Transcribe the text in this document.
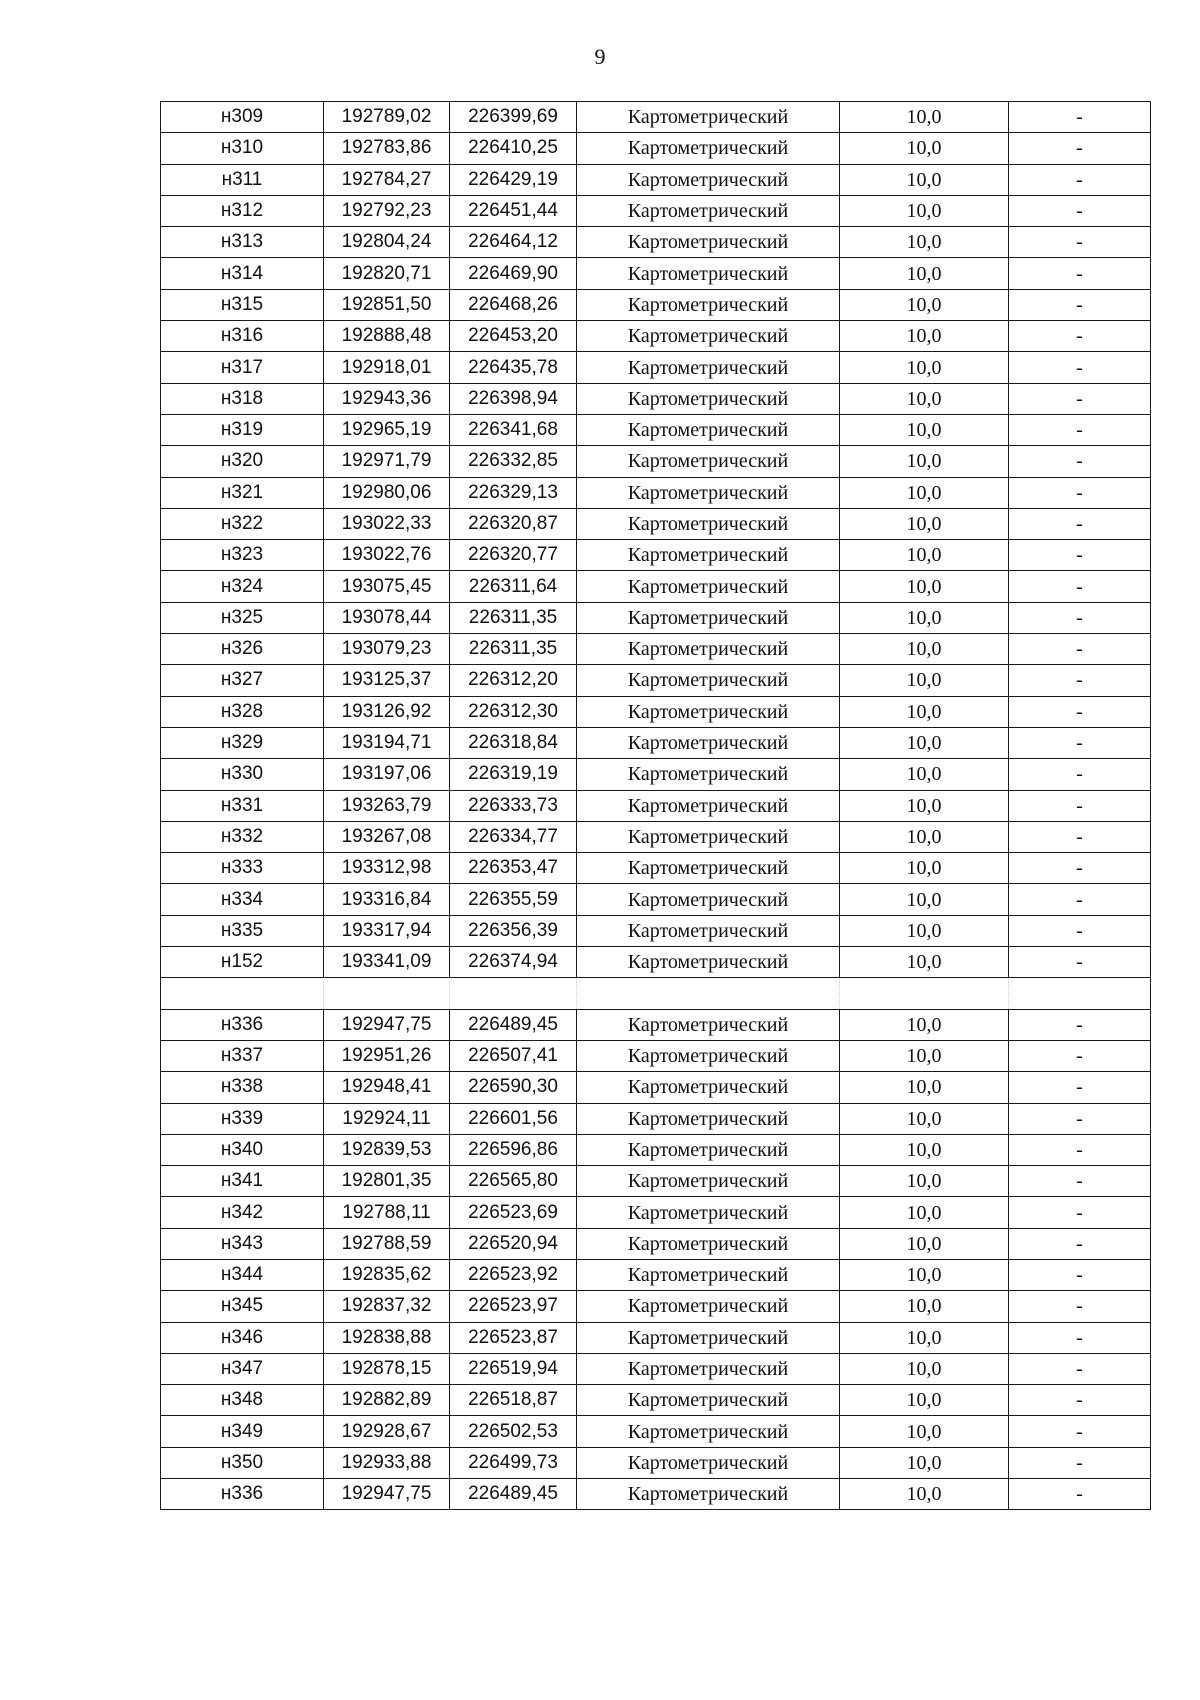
9
н309	192789,02	226399,69	Картометрический	10,0	-
н310	192783,86	226410,25	Картометрический	10,0	-
н311	192784,27	226429,19	Картометрический	10,0	-
н312	192792,23	226451,44	Картометрический	10,0	-
н313	192804,24	226464,12	Картометрический	10,0	-
н314	192820,71	226469,90	Картометрический	10,0	-
н315	192851,50	226468,26	Картометрический	10,0	-
н316	192888,48	226453,20	Картометрический	10,0	-
н317	192918,01	226435,78	Картометрический	10,0	-
н318	192943,36	226398,94	Картометрический	10,0	-
н319	192965,19	226341,68	Картометрический	10,0	-
н320	192971,79	226332,85	Картометрический	10,0	-
н321	192980,06	226329,13	Картометрический	10,0	-
н322	193022,33	226320,87	Картометрический	10,0	-
н323	193022,76	226320,77	Картометрический	10,0	-
н324	193075,45	226311,64	Картометрический	10,0	-
н325	193078,44	226311,35	Картометрический	10,0	-
н326	193079,23	226311,35	Картометрический	10,0	-
н327	193125,37	226312,20	Картометрический	10,0	-
н328	193126,92	226312,30	Картометрический	10,0	-
н329	193194,71	226318,84	Картометрический	10,0	-
н330	193197,06	226319,19	Картометрический	10,0	-
н331	193263,79	226333,73	Картометрический	10,0	-
н332	193267,08	226334,77	Картометрический	10,0	-
н333	193312,98	226353,47	Картометрический	10,0	-
н334	193316,84	226355,59	Картометрический	10,0	-
н335	193317,94	226356,39	Картометрический	10,0	-
н152	193341,09	226374,94	Картометрический	10,0	-

н336	192947,75	226489,45	Картометрический	10,0	-
н337	192951,26	226507,41	Картометрический	10,0	-
н338	192948,41	226590,30	Картометрический	10,0	-
н339	192924,11	226601,56	Картометрический	10,0	-
н340	192839,53	226596,86	Картометрический	10,0	-
н341	192801,35	226565,80	Картометрический	10,0	-
н342	192788,11	226523,69	Картометрический	10,0	-
н343	192788,59	226520,94	Картометрический	10,0	-
н344	192835,62	226523,92	Картометрический	10,0	-
н345	192837,32	226523,97	Картометрический	10,0	-
н346	192838,88	226523,87	Картометрический	10,0	-
н347	192878,15	226519,94	Картометрический	10,0	-
н348	192882,89	226518,87	Картометрический	10,0	-
н349	192928,67	226502,53	Картометрический	10,0	-
н350	192933,88	226499,73	Картометрический	10,0	-
н336	192947,75	226489,45	Картометрический	10,0	-
